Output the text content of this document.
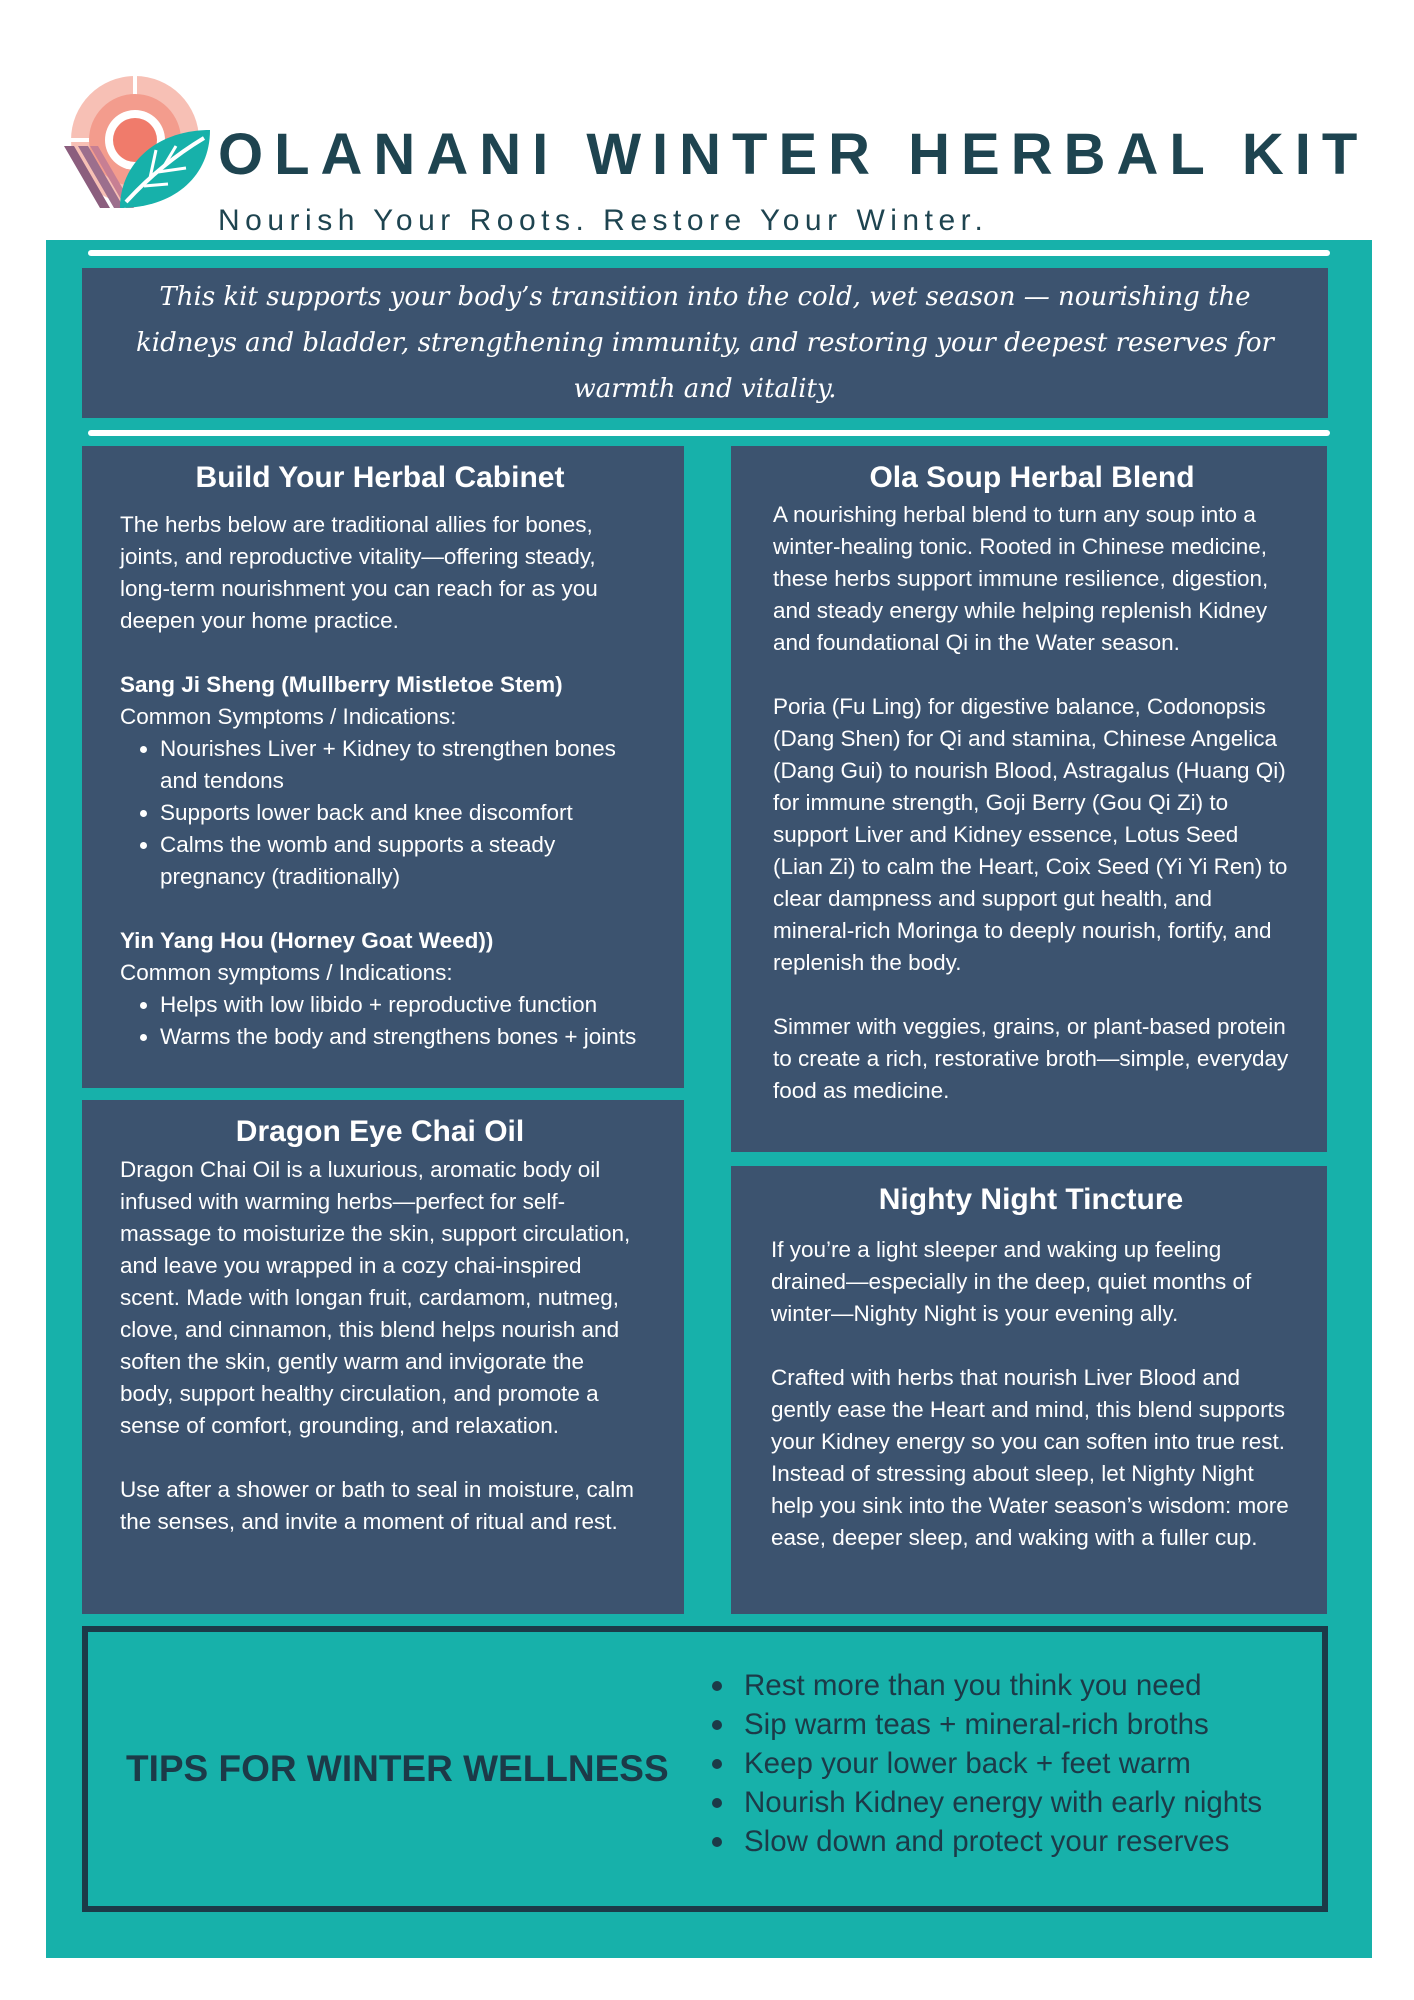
OLANANI WINTER HERBAL KIT
Nourish Your Roots. Restore Your Winter.

This kit supports your body’s transition into the cold, wet season — nourishing the kidneys and bladder, strengthening immunity, and restoring your deepest reserves for warmth and vitality.

Build Your Herbal Cabinet

The herbs below are traditional allies for bones, joints, and reproductive vitality—offering steady, long-term nourishment you can reach for as you deepen your home practice.

Sang Ji Sheng (Mullberry Mistletoe Stem)

Common Symptoms / Indications:

• Nourishes Liver + Kidney to strengthen bones and tendons
• Supports lower back and knee discomfort
• Calms the womb and supports a steady pregnancy (traditionally)

Yin Yang Hou (Horney Goat Weed))

Common symptoms / Indications:

• Helps with low libido + reproductive function
• Warms the body and strengthens bones + joints
Dragon Eye Chai Oil

Dragon Chai Oil is a luxurious, aromatic body oil infused with warming herbs—perfect for self-massage to moisturize the skin, support circulation, and leave you wrapped in a cozy chai-inspired scent. Made with longan fruit, cardamom, nutmeg, clove, and cinnamon, this blend helps nourish and soften the skin, gently warm and invigorate the body, support healthy circulation, and promote a sense of comfort, grounding, and relaxation.

Use after a shower or bath to seal in moisture, calm the senses, and invite a moment of ritual and rest.

Ola Soup Herbal Blend

A nourishing herbal blend to turn any soup into a winter-healing tonic. Rooted in Chinese medicine, these herbs support immune resilience, digestion, and steady energy while helping replenish Kidney and foundational Qi in the Water season.

Poria (Fu Ling) for digestive balance, Codonopsis (Dang Shen) for Qi and stamina, Chinese Angelica (Dang Gui) to nourish Blood, Astragalus (Huang Qi) for immune strength, Goji Berry (Gou Qi Zi) to support Liver and Kidney essence, Lotus Seed (Lian Zi) to calm the Heart, Coix Seed (Yi Yi Ren) to clear dampness and support gut health, and mineral-rich Moringa to deeply nourish, fortify, and replenish the body.

Simmer with veggies, grains, or plant-based protein to create a rich, restorative broth—simple, everyday food as medicine.

Nighty Night Tincture

If you’re a light sleeper and waking up feeling drained—especially in the deep, quiet months of winter—Nighty Night is your evening ally.

Crafted with herbs that nourish Liver Blood and gently ease the Heart and mind, this blend supports your Kidney energy so you can soften into true rest. Instead of stressing about sleep, let Nighty Night help you sink into the Water season’s wisdom: more ease, deeper sleep, and waking with a fuller cup.

TIPS FOR WINTER WELLNESS
Rest more than you think you need
Sip warm teas + mineral-rich broths
Keep your lower back + feet warm
Nourish Kidney energy with early nights
Slow down and protect your reserves
